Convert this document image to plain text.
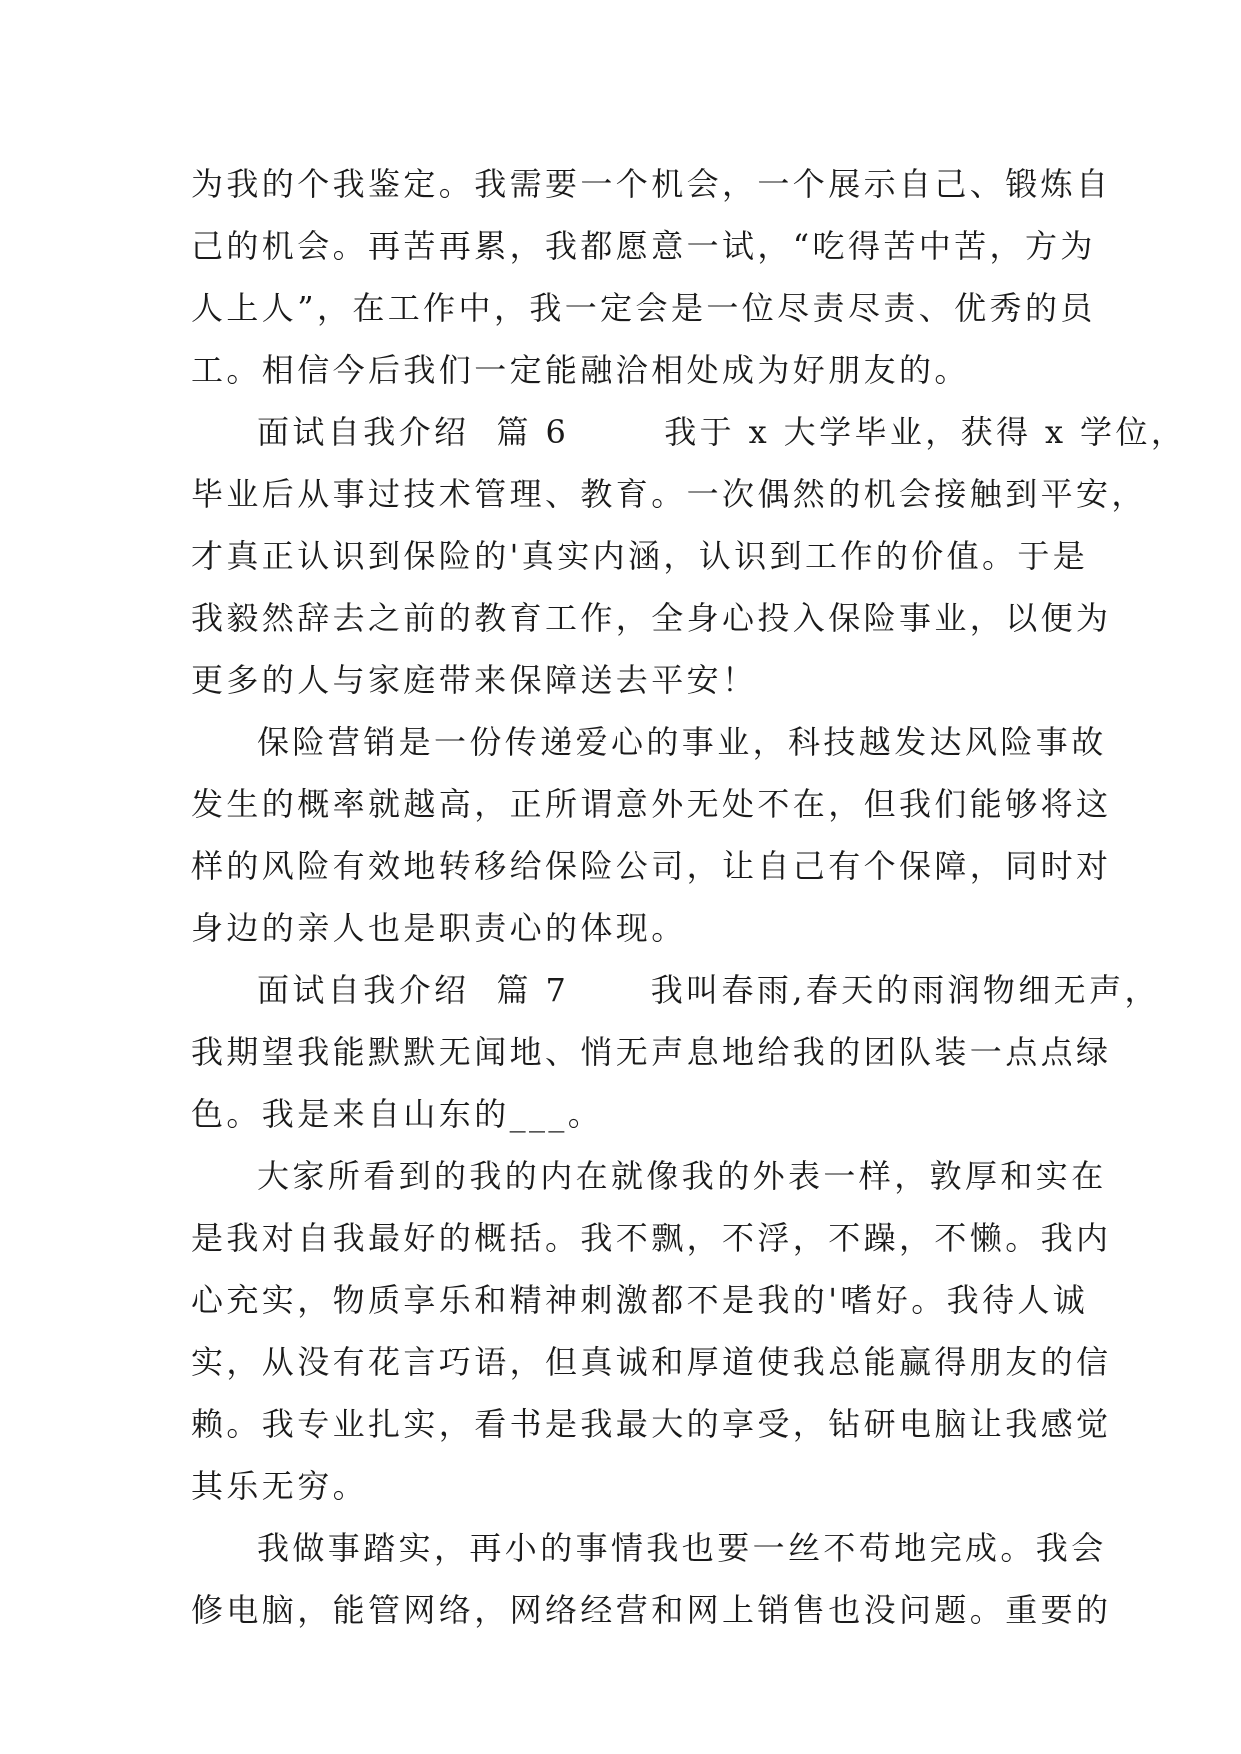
为我的个我鉴定。我需要一个机会，一个展示自己、锻炼自
己的机会。再苦再累，我都愿意一试，“吃得苦中苦，方为
人上人”，在工作中，我一定会是一位尽责尽责、优秀的员
工。相信今后我们一定能融洽相处成为好朋友的。
面试自我介绍  篇 6       我于 x 大学毕业，获得 x 学位，
毕业后从事过技术管理、教育。一次偶然的机会接触到平安，
才真正认识到保险的'真实内涵，认识到工作的价值。于是
我毅然辞去之前的教育工作，全身心投入保险事业，以便为
更多的人与家庭带来保障送去平安！
保险营销是一份传递爱心的事业，科技越发达风险事故
发生的概率就越高，正所谓意外无处不在，但我们能够将这
样的风险有效地转移给保险公司，让自己有个保障，同时对
身边的亲人也是职责心的体现。
面试自我介绍  篇 7      我叫春雨,春天的雨润物细无声，
我期望我能默默无闻地、悄无声息地给我的团队装一点点绿
色。我是来自山东的___。
大家所看到的我的内在就像我的外表一样，敦厚和实在
是我对自我最好的概括。我不飘，不浮，不躁，不懒。我内
心充实，物质享乐和精神刺激都不是我的'嗜好。我待人诚
实，从没有花言巧语，但真诚和厚道使我总能赢得朋友的信
赖。我专业扎实，看书是我最大的享受，钻研电脑让我感觉
其乐无穷。
我做事踏实，再小的事情我也要一丝不苟地完成。我会
修电脑，能管网络，网络经营和网上销售也没问题。重要的
